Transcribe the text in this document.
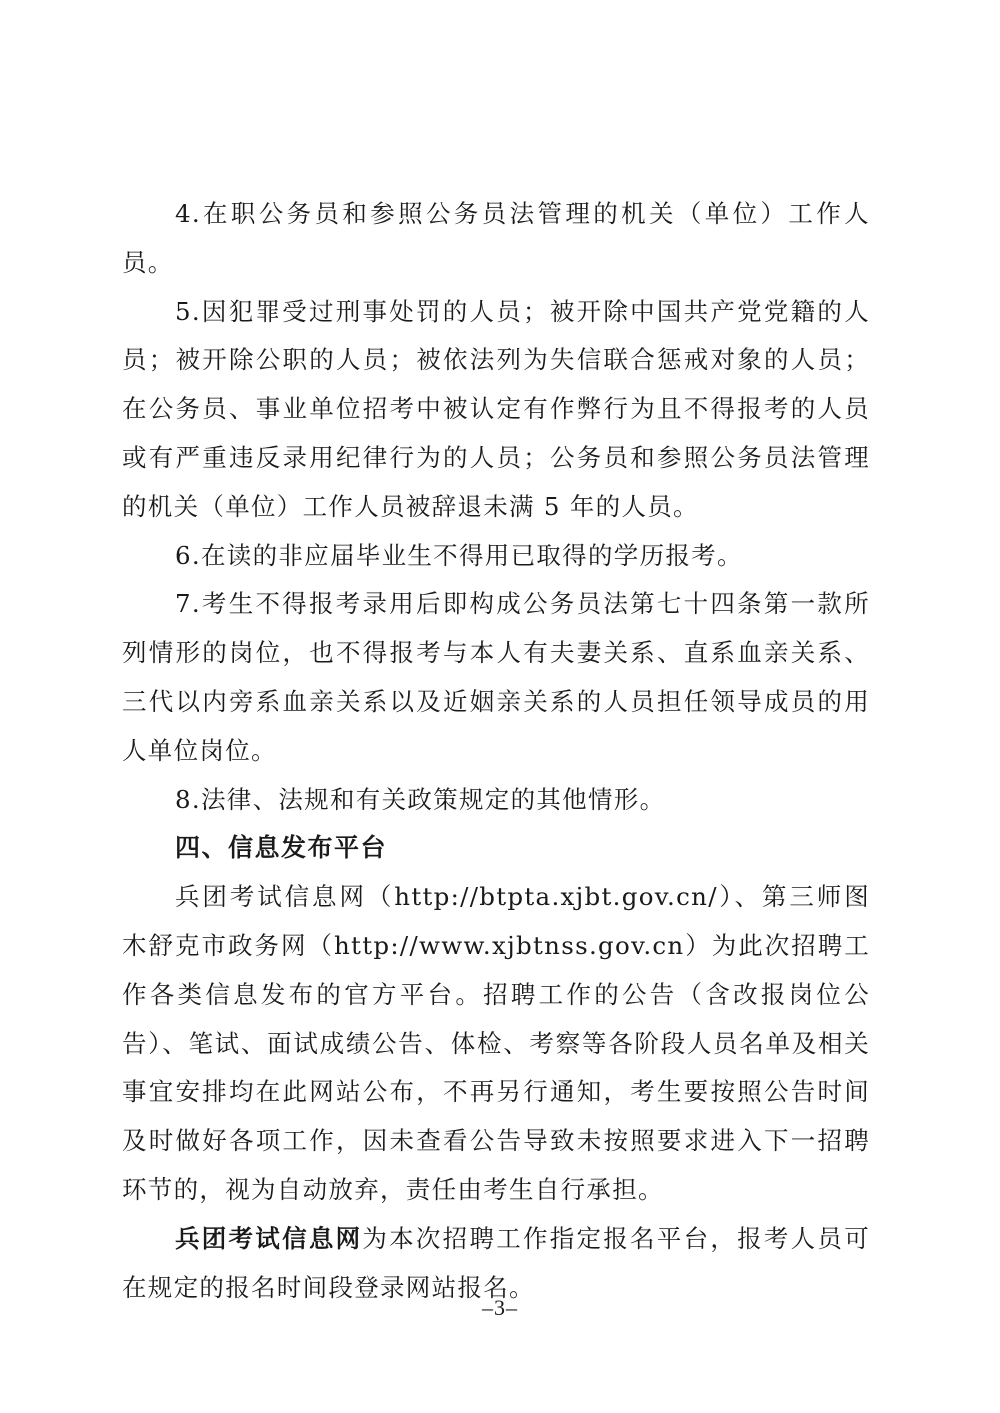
4.在职公务员和参照公务员法管理的机关（单位）工作人员。

5.因犯罪受过刑事处罚的人员；被开除中国共产党党籍的人员；被开除公职的人员；被依法列为失信联合惩戒对象的人员；在公务员、事业单位招考中被认定有作弊行为且不得报考的人员或有严重违反录用纪律行为的人员；公务员和参照公务员法管理的机关（单位）工作人员被辞退未满 5 年的人员。

6.在读的非应届毕业生不得用已取得的学历报考。

7.考生不得报考录用后即构成公务员法第七十四条第一款所列情形的岗位，也不得报考与本人有夫妻关系、直系血亲关系、三代以内旁系血亲关系以及近姻亲关系的人员担任领导成员的用人单位岗位。

8.法律、法规和有关政策规定的其他情形。

四、信息发布平台

兵团考试信息网（http://btpta.xjbt.gov.cn/）、第三师图木舒克市政务网（http://www.xjbtnss.gov.cn）为此次招聘工作各类信息发布的官方平台。招聘工作的公告（含改报岗位公告）、笔试、面试成绩公告、体检、考察等各阶段人员名单及相关事宜安排均在此网站公布，不再另行通知，考生要按照公告时间及时做好各项工作，因未查看公告导致未按照要求进入下一招聘环节的，视为自动放弃，责任由考生自行承担。

兵团考试信息网为本次招聘工作指定报名平台，报考人员可在规定的报名时间段登录网站报名。

–3–
